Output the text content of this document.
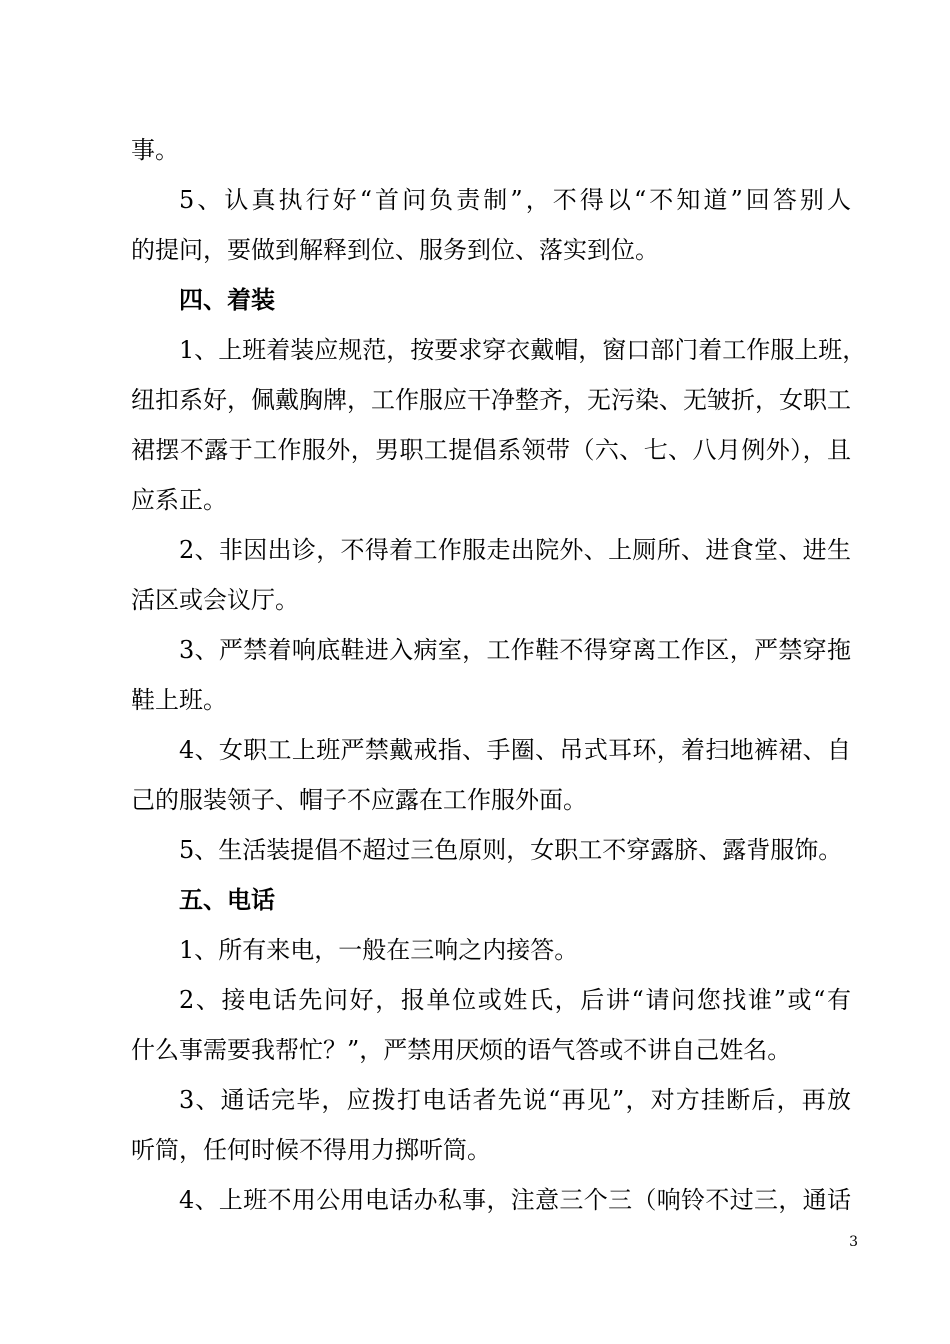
事。
5、认真执行好“首问负责制”，不得以“不知道”回答别人
的提问，要做到解释到位、服务到位、落实到位。
四、着装
1、上班着装应规范，按要求穿衣戴帽，窗口部门着工作服上班，
纽扣系好，佩戴胸牌，工作服应干净整齐，无污染、无皱折，女职工
裙摆不露于工作服外，男职工提倡系领带（六、七、八月例外），且
应系正。
2、非因出诊，不得着工作服走出院外、上厕所、进食堂、进生
活区或会议厅。
3、严禁着响底鞋进入病室，工作鞋不得穿离工作区，严禁穿拖
鞋上班。
4、女职工上班严禁戴戒指、手圈、吊式耳环，着扫地裤裙、自
己的服装领子、帽子不应露在工作服外面。
5、生活装提倡不超过三色原则，女职工不穿露脐、露背服饰。
五、电话
1、所有来电，一般在三响之内接答。
2、接电话先问好，报单位或姓氏，后讲“请问您找谁”或“有
什么事需要我帮忙？”，严禁用厌烦的语气答或不讲自己姓名。
3、通话完毕，应拨打电话者先说“再见”，对方挂断后，再放
听筒，任何时候不得用力掷听筒。
4、上班不用公用电话办私事，注意三个三（响铃不过三，通话
3
